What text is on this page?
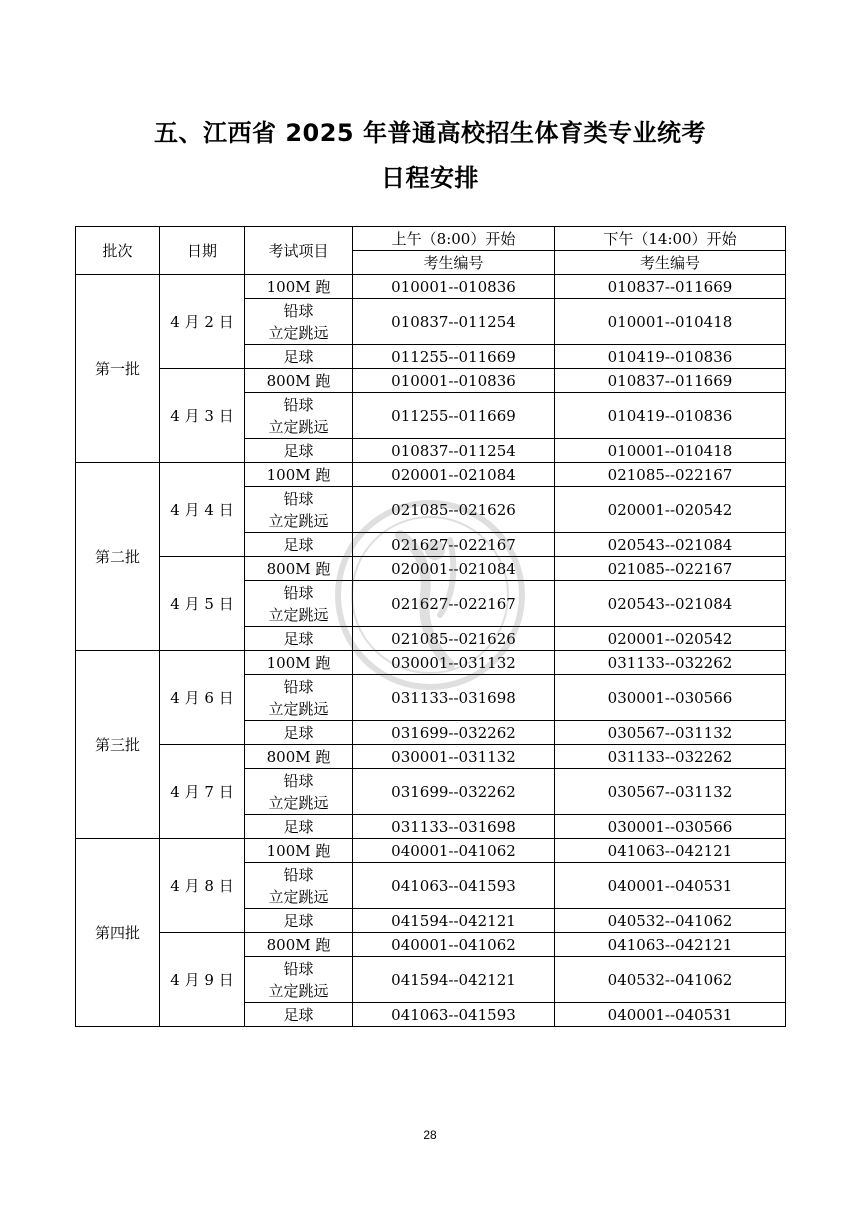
五、江西省 2025 年普通高校招生体育类专业统考
日程安排
批次	日期	考试项目	上午（8:00）开始	下午（14:00）开始
			考生编号	考生编号
第一批	4 月 2 日	100M 跑	010001--010836	010837--011669

		铅球
立定跳远	010837--011254	010001--010418

		足球	011255--011669	010419--010836
	4 月 3 日	800M 跑	010001--010836	010837--011669

		铅球
立定跳远	011255--011669	010419--010836

		足球	010837--011254	010001--010418
第二批	4 月 4 日	100M 跑	020001--021084	021085--022167

		铅球
立定跳远	021085--021626	020001--020542

		足球	021627--022167	020543--021084
	4 月 5 日	800M 跑	020001--021084	021085--022167

		铅球
立定跳远	021627--022167	020543--021084

		足球	021085--021626	020001--020542
第三批	4 月 6 日	100M 跑	030001--031132	031133--032262

		铅球
立定跳远	031133--031698	030001--030566

		足球	031699--032262	030567--031132
	4 月 7 日	800M 跑	030001--031132	031133--032262

		铅球
立定跳远	031699--032262	030567--031132

		足球	031133--031698	030001--030566
第四批	4 月 8 日	100M 跑	040001--041062	041063--042121

		铅球
立定跳远	041063--041593	040001--040531

		足球	041594--042121	040532--041062
	4 月 9 日	800M 跑	040001--041062	041063--042121

		铅球
立定跳远	041594--042121	040532--041062

		足球	041063--041593	040001--040531
28
